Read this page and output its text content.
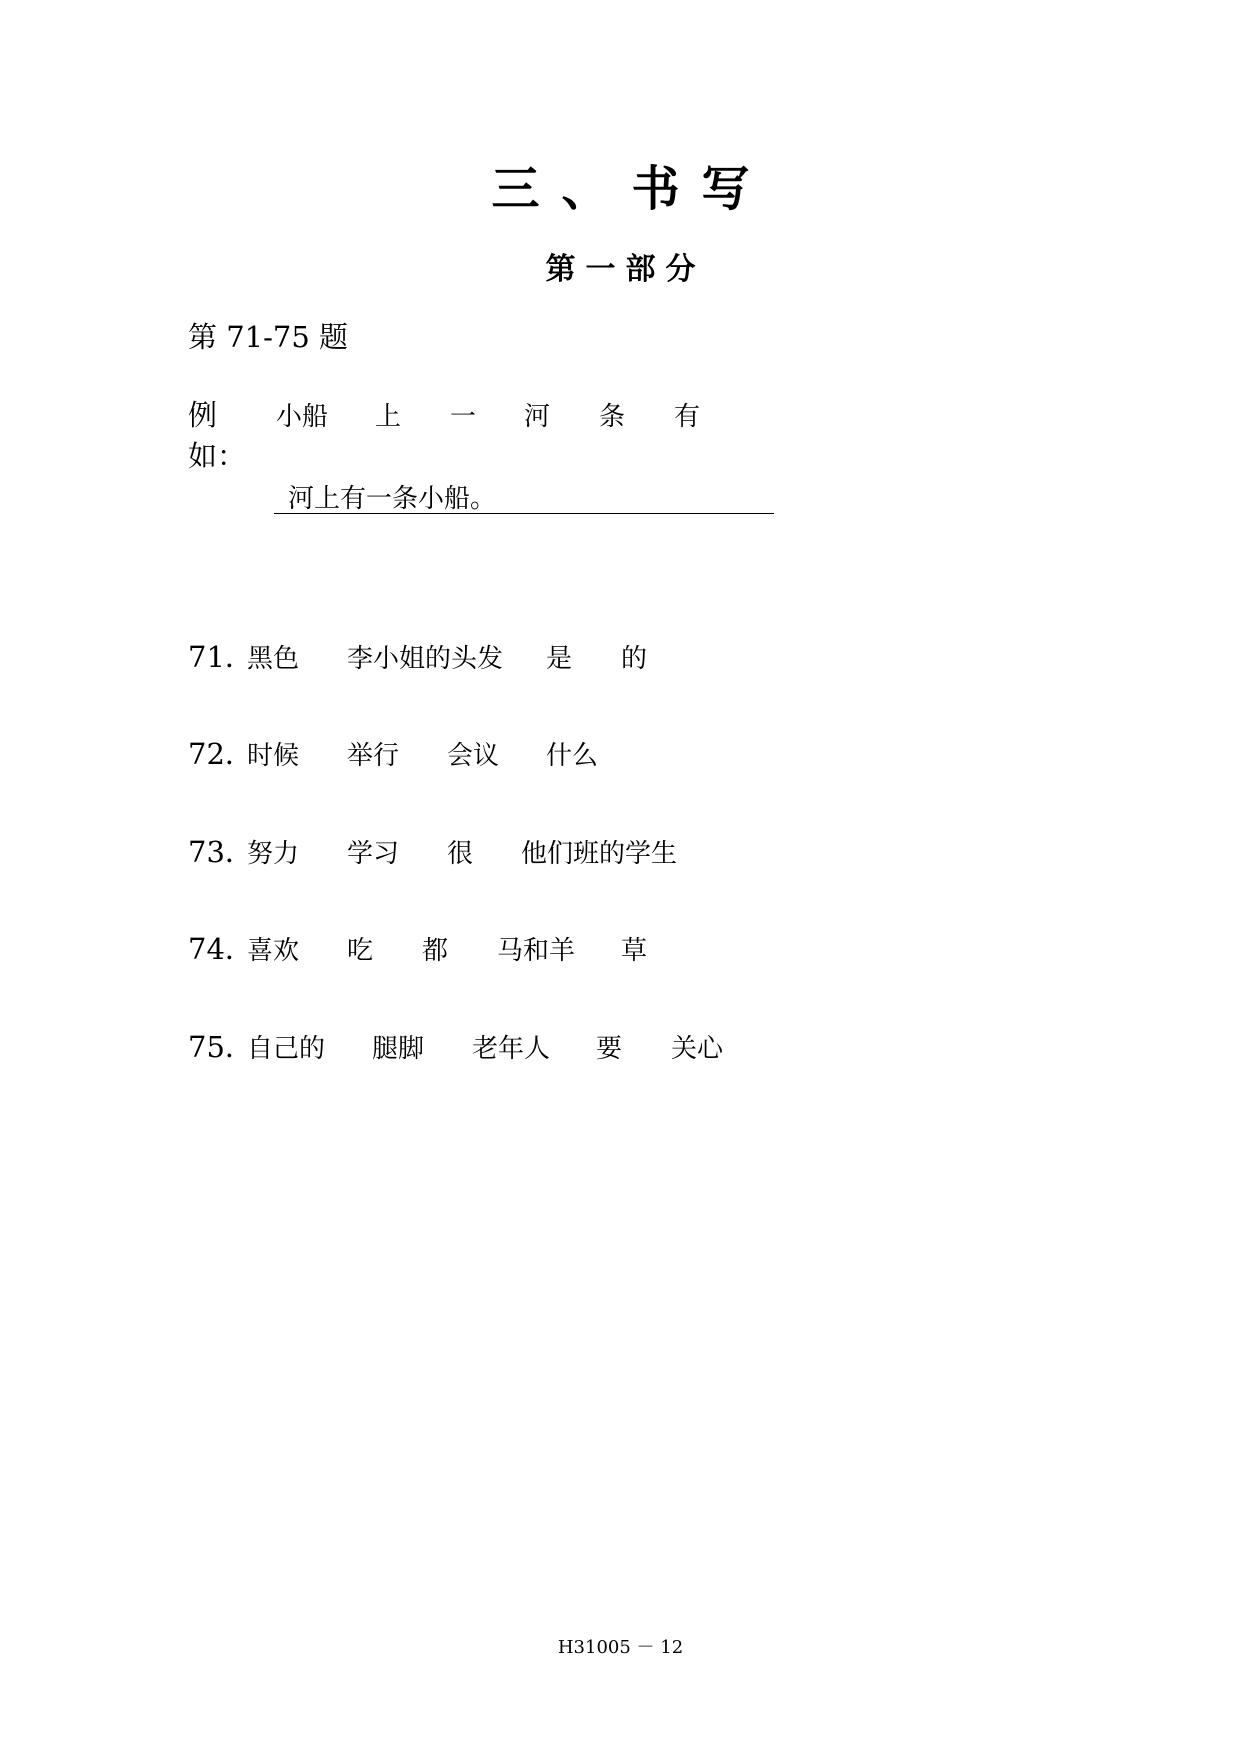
三、书写
第一部分
第 71-75 题
例如：
小船 上 一 河 条 有
河上有一条小船。
71．
黑色 李小姐的头发 是 的
72．
时候 举行 会议 什么
73．
努力 学习 很 他们班的学生
74．
喜欢 吃 都 马和羊 草
75．
自己的 腿脚 老年人 要 关心
H31005 － 12
